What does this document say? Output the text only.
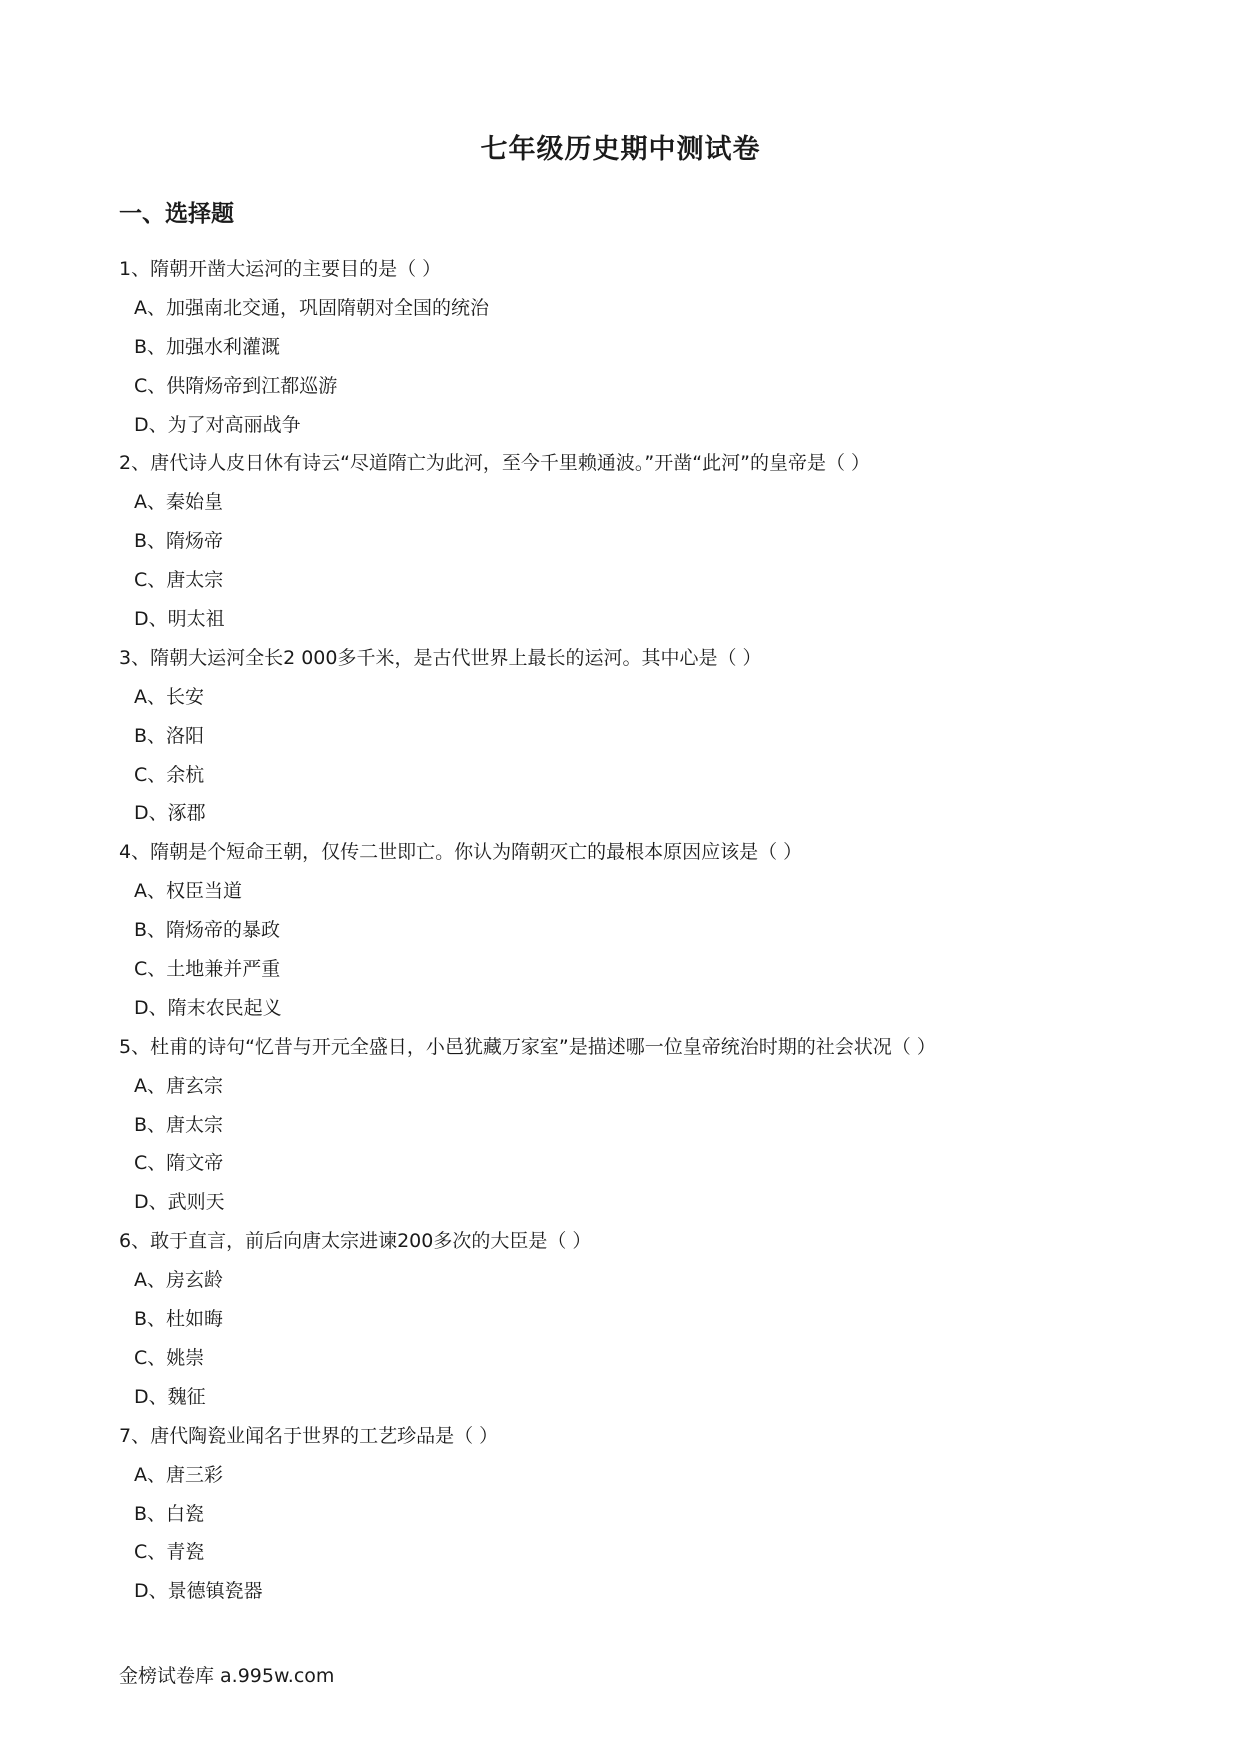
七年级历史期中测试卷
一、选择题
1、隋朝开凿大运河的主要目的是（ ）
A、加强南北交通，巩固隋朝对全国的统治
B、加强水利灌溉
C、供隋炀帝到江都巡游
D、为了对高丽战争
2、唐代诗人皮日休有诗云“尽道隋亡为此河，至今千里赖通波。”开凿“此河”的皇帝是（ ）
A、秦始皇
B、隋炀帝
C、唐太宗
D、明太祖
3、隋朝大运河全长2 000多千米，是古代世界上最长的运河。其中心是（ ）
A、长安
B、洛阳
C、余杭
D、涿郡
4、隋朝是个短命王朝，仅传二世即亡。你认为隋朝灭亡的最根本原因应该是（ ）
A、权臣当道
B、隋炀帝的暴政
C、土地兼并严重
D、隋末农民起义
5、杜甫的诗句“忆昔与开元全盛日，小邑犹藏万家室”是描述哪一位皇帝统治时期的社会状况（ ）
A、唐玄宗
B、唐太宗
C、隋文帝
D、武则天
6、敢于直言，前后向唐太宗进谏200多次的大臣是（ ）
A、房玄龄
B、杜如晦
C、姚崇
D、魏征
7、唐代陶瓷业闻名于世界的工艺珍品是（ ）
A、唐三彩
B、白瓷
C、青瓷
D、景德镇瓷器
金榜试卷库 a.995w.com
